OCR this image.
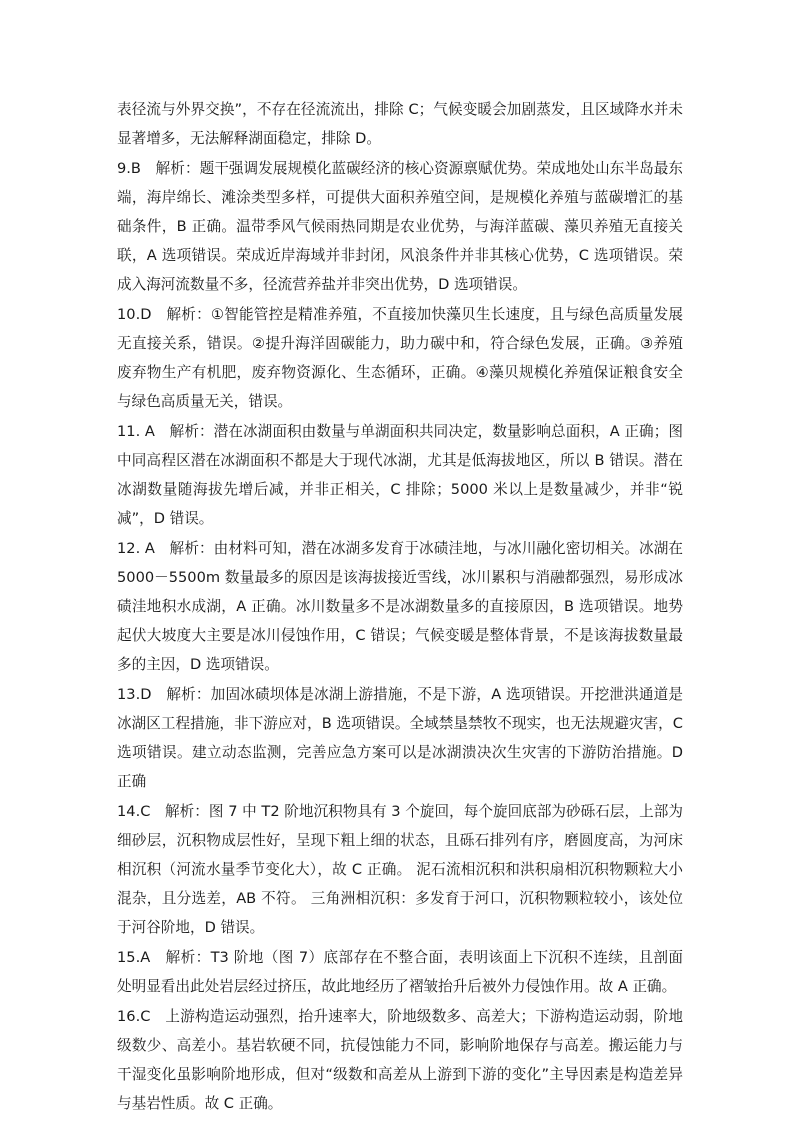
表径流与外界交换”，不存在径流流出，排除 C；气候变暖会加剧蒸发，且区域降水并未显著增多，无法解释湖面稳定，排除 D。

9.B　解析：题干强调发展规模化蓝碳经济的核心资源禀赋优势。荣成地处山东半岛最东端，海岸绵长、滩涂类型多样，可提供大面积养殖空间，是规模化养殖与蓝碳增汇的基础条件，B 正确。温带季风气候雨热同期是农业优势，与海洋蓝碳、藻贝养殖无直接关联，A 选项错误。荣成近岸海域并非封闭，风浪条件并非其核心优势，C 选项错误。荣成入海河流数量不多，径流营养盐并非突出优势，D 选项错误。

10.D　解析：①智能管控是精准养殖，不直接加快藻贝生长速度，且与绿色高质量发展无直接关系，错误。②提升海洋固碳能力，助力碳中和，符合绿色发展，正确。③养殖废弃物生产有机肥，废弃物资源化、生态循环，正确。④藻贝规模化养殖保证粮食安全与绿色高质量无关，错误。

11. A　解析：潜在冰湖面积由数量与单湖面积共同决定，数量影响总面积，A 正确；图中同高程区潜在冰湖面积不都是大于现代冰湖，尤其是低海拔地区，所以 B 错误。潜在冰湖数量随海拔先增后减，并非正相关，C 排除；5000 米以上是数量减少，并非“锐减”，D 错误。

12. A　解析：由材料可知，潜在冰湖多发育于冰碛洼地，与冰川融化密切相关。冰湖在 5000－5500m 数量最多的原因是该海拔接近雪线，冰川累积与消融都强烈，易形成冰碛洼地积水成湖，A 正确。冰川数量多不是冰湖数量多的直接原因，B 选项错误。地势起伏大坡度大主要是冰川侵蚀作用，C 错误；气候变暖是整体背景，不是该海拔数量最多的主因，D 选项错误。

13.D　解析：加固冰碛坝体是冰湖上游措施，不是下游，A 选项错误。开挖泄洪通道是冰湖区工程措施，非下游应对，B 选项错误。全域禁垦禁牧不现实，也无法规避灾害，C 选项错误。建立动态监测，完善应急方案可以是冰湖溃决次生灾害的下游防治措施。D 正确

14.C　解析：图 7 中 T2 阶地沉积物具有 3 个旋回，每个旋回底部为砂砾石层，上部为细砂层，沉积物成层性好，呈现下粗上细的状态，且砾石排列有序，磨圆度高，为河床相沉积（河流水量季节变化大），故 C 正确。 泥石流相沉积和洪积扇相沉积物颗粒大小混杂，且分选差，AB 不符。 三角洲相沉积：多发育于河口，沉积物颗粒较小，该处位于河谷阶地，D 错误。

15.A　解析：T3 阶地（图 7）底部存在不整合面，表明该面上下沉积不连续，且剖面处明显看出此处岩层经过挤压，故此地经历了褶皱抬升后被外力侵蚀作用。故 A 正确。

16.C　上游构造运动强烈，抬升速率大，阶地级数多、高差大；下游构造运动弱，阶地级数少、高差小。基岩软硬不同，抗侵蚀能力不同，影响阶地保存与高差。搬运能力与干湿变化虽影响阶地形成，但对“级数和高差从上游到下游的变化”主导因素是构造差异与基岩性质。故 C 正确。
